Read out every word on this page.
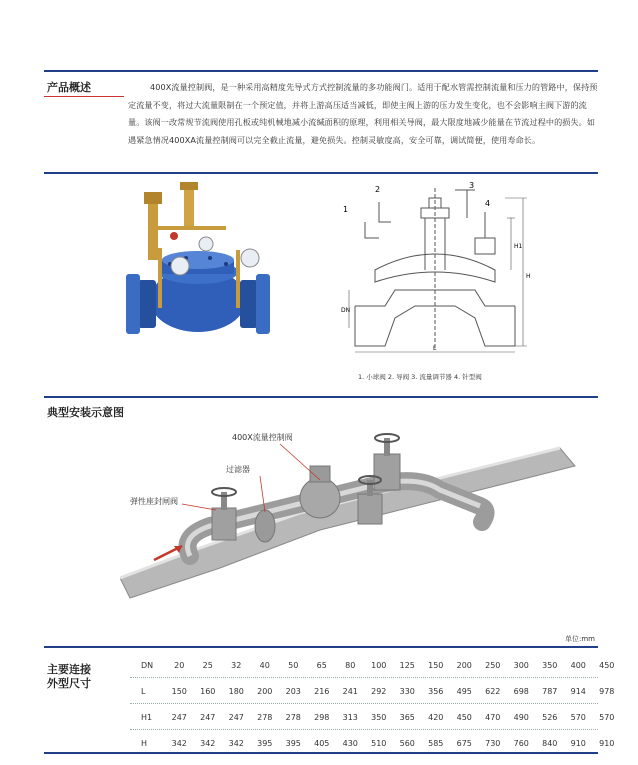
产品概述	400X流量控制阀，是一种采用高精度先导式方式控制流量的多功能阀门。适用于配水管需控制流量和压力的管路中，保持预定流量不变，将过大流量限制在一个预定值，并将上游高压适当减低，即使主阀上游的压力发生变化，也不会影响主阀下游的流量。该阀一改常规节流阀使用孔板或纯机械地减小流缄面积的原理，利用相关导阀，最大限度地减少能量在节流过程中的损失。如遇紧急情况400XA流量控制阀可以完全截止流量，避免损失。控制灵敏度高，安全可靠，调试简便，使用寿命长。
1
2	3
4
H1
H
DN
L
1. 小球阀 2. 导阀 3. 流量调节器 4. 针型阀
典型安装示意图
400X流量控制阀
过滤器
弹性座封闸阀
单位:mm
主要连接
外型尺寸
DN	20	25	32	40	50	65	80	100	125	150	200	250	300	350	400	450
L	150	160	180	200	203	216	241	292	330	356	495	622	698	787	914	978
H1	247	247	247	278	278	298	313	350	365	420	450	470	490	526	570	570
H	342	342	342	395	395	405	430	510	560	585	675	730	760	840	910	910
